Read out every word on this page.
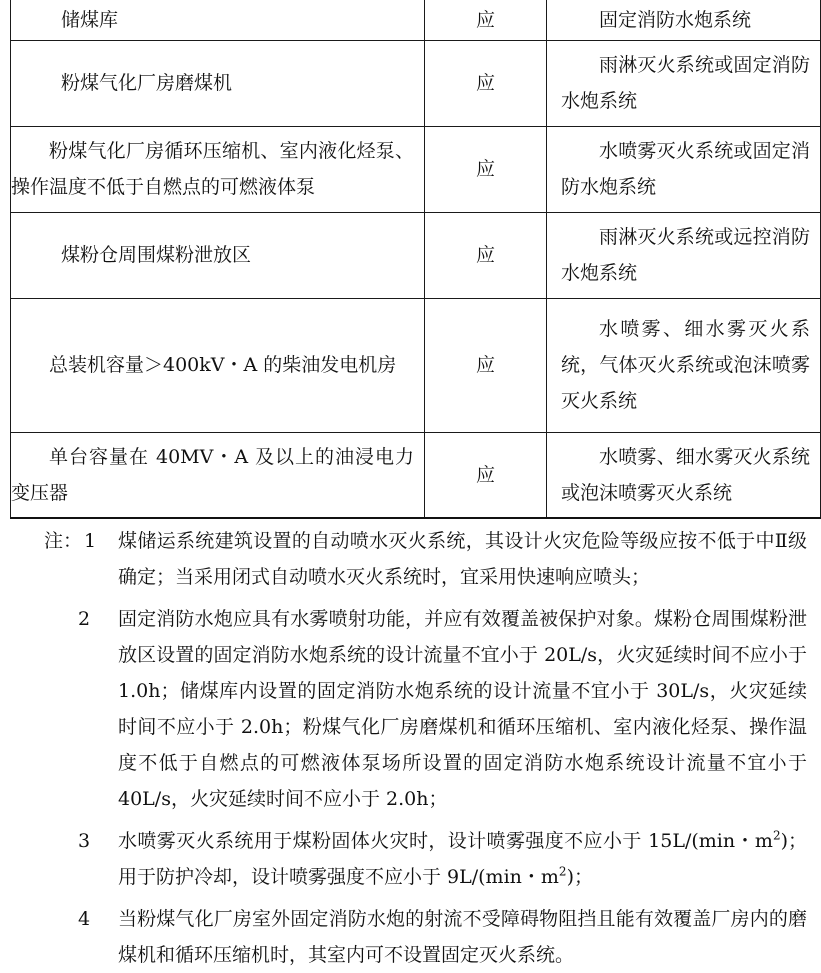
储煤库	应	固定消防水炮系统
粉煤气化厂房磨煤机	应	雨淋灭火系统或固定消防水炮系统
粉煤气化厂房循环压缩机、室内液化烃泵、操作温度不低于自燃点的可燃液体泵	应	水喷雾灭火系统或固定消防水炮系统
煤粉仓周围煤粉泄放区	应	雨淋灭火系统或远控消防水炮系统
总装机容量＞400kV・A 的柴油发电机房	应	水喷雾、细水雾灭火系统，气体灭火系统或泡沫喷雾灭火系统
单台容量在 40MV・A 及以上的油浸电力变压器	应	水喷雾、细水雾灭火系统或泡沫喷雾灭火系统
注： 1	煤储运系统建筑设置的自动喷水灭火系统，其设计火灾危险等级应按不低于中Ⅱ级确定；当采用闭式自动喷水灭火系统时，宜采用快速响应喷头；
2	固定消防水炮应具有水雾喷射功能，并应有效覆盖被保护对象。煤粉仓周围煤粉泄放区设置的固定消防水炮系统的设计流量不宜小于 20L/s，火灾延续时间不应小于 1.0h；储煤库内设置的固定消防水炮系统的设计流量不宜小于 30L/s，火灾延续时间不应小于 2.0h；粉煤气化厂房磨煤机和循环压缩机、室内液化烃泵、操作温度不低于自燃点的可燃液体泵场所设置的固定消防水炮系统设计流量不宜小于 40L/s，火灾延续时间不应小于 2.0h；
3	水喷雾灭火系统用于煤粉固体火灾时，设计喷雾强度不应小于 15L/(min・$m^2$)；用于防护冷却，设计喷雾强度不应小于 9L/(min・$m^2$)；
4	当粉煤气化厂房室外固定消防水炮的射流不受障碍物阻挡且能有效覆盖厂房内的磨煤机和循环压缩机时，其室内可不设置固定灭火系统。
